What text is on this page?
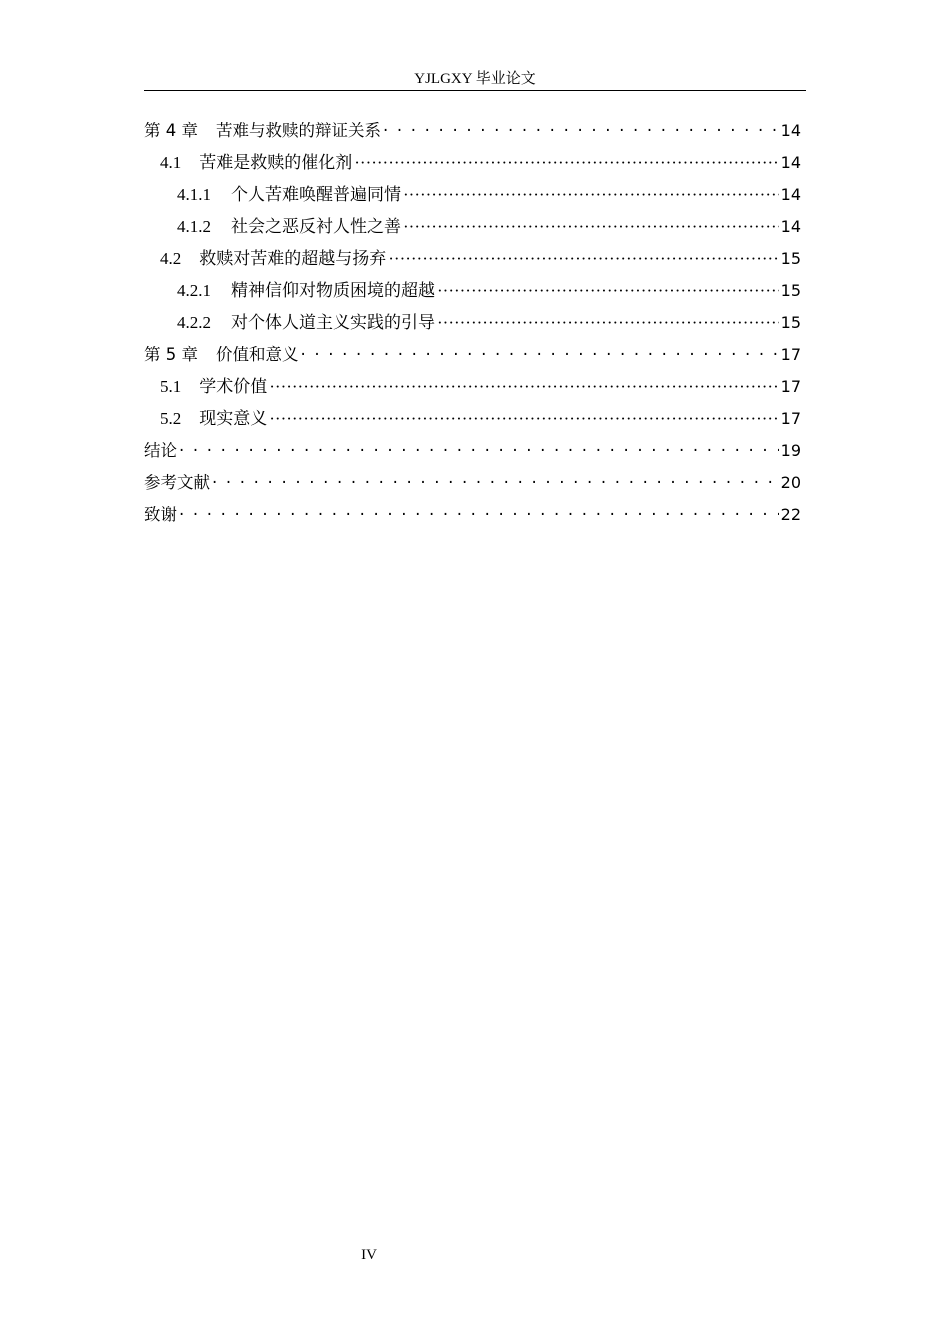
YJLGXY 毕业论文
第 4 章 苦难与救赎的辩证关系 · · ·	14
4.1 苦难是救赎的催化剂 ·····	14
4.1.1 个人苦难唤醒普遍同情 ·····	14
4.1.2 社会之恶反衬人性之善 ·····	14
4.2 救赎对苦难的超越与扬弃 ·····	15
4.2.1 精神信仰对物质困境的超越 ·····	15
4.2.2 对个体人道主义实践的引导 ·····	15
第 5 章 价值和意义 · · ·	17
5.1 学术价值 ·····	17
5.2 现实意义 ·····	17
结论 · · ·	19
参考文献 · · ·	20
致谢 · · ·	22
IV
